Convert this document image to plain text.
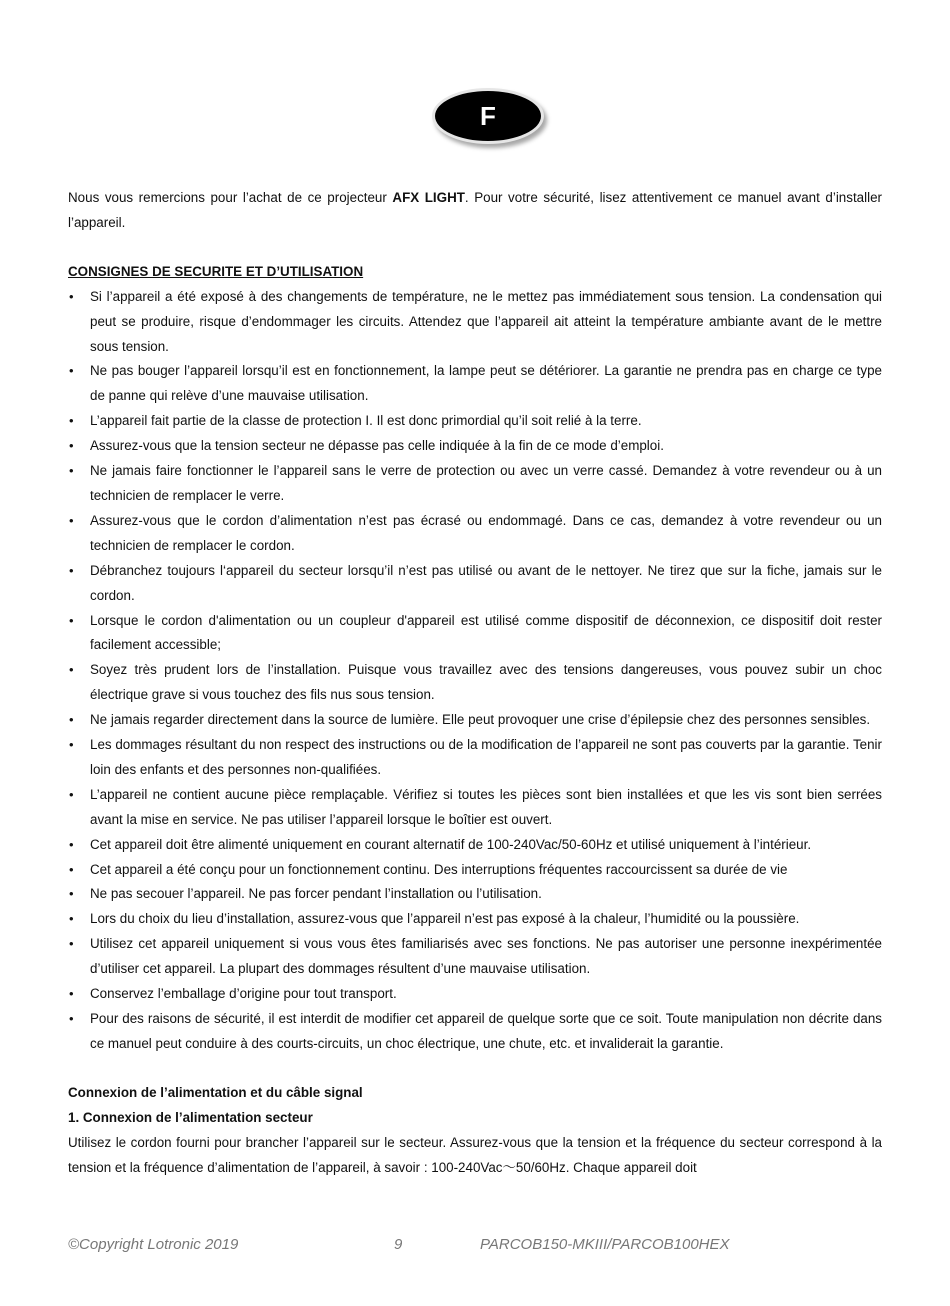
F

Nous vous remercions pour l’achat de ce projecteur AFX LIGHT. Pour votre sécurité, lisez attentivement ce manuel avant d’installer l’appareil.

CONSIGNES DE SECURITE ET D’UTILISATION

• Si l’appareil a été exposé à des changements de température, ne le mettez pas immédiatement sous tension. La condensation qui peut se produire, risque d’endommager les circuits. Attendez que l’appareil ait atteint la température ambiante avant de le mettre sous tension.
• Ne pas bouger l’appareil lorsqu’il est en fonctionnement, la lampe peut se détériorer. La garantie ne prendra pas en charge ce type de panne qui relève d’une mauvaise utilisation.
• L’appareil fait partie de la classe de protection I. Il est donc primordial qu’il soit relié à la terre.
• Assurez-vous que la tension secteur ne dépasse pas celle indiquée à la fin de ce mode d’emploi.
• Ne jamais faire fonctionner le l’appareil sans le verre de protection ou avec un verre cassé. Demandez à votre revendeur ou à un technicien de remplacer le verre.
• Assurez-vous que le cordon d’alimentation n’est pas écrasé ou endommagé. Dans ce cas, demandez à votre revendeur ou un technicien de remplacer le cordon.
• Débranchez toujours l‘appareil du secteur lorsqu’il n’est pas utilisé ou avant de le nettoyer. Ne tirez que sur la fiche, jamais sur le cordon.
• Lorsque le cordon d'alimentation ou un coupleur d'appareil est utilisé comme dispositif de déconnexion, ce dispositif doit rester facilement accessible;
• Soyez très prudent lors de l’installation. Puisque vous travaillez avec des tensions dangereuses, vous pouvez subir un choc électrique grave si vous touchez des fils nus sous tension.
• Ne jamais regarder directement dans la source de lumière. Elle peut provoquer une crise d’épilepsie chez des personnes sensibles.
• Les dommages résultant du non respect des instructions ou de la modification de l’appareil ne sont pas couverts par la garantie. Tenir loin des enfants et des personnes non-qualifiées.
• L’appareil ne contient aucune pièce remplaçable. Vérifiez si toutes les pièces sont bien installées et que les vis sont bien serrées avant la mise en service. Ne pas utiliser l’appareil lorsque le boîtier est ouvert.
• Cet appareil doit être alimenté uniquement en courant alternatif de 100-240Vac/50-60Hz et utilisé uniquement à l’intérieur.
• Cet appareil a été conçu pour un fonctionnement continu. Des interruptions fréquentes raccourcissent sa durée de vie
• Ne pas secouer l’appareil. Ne pas forcer pendant l’installation ou l’utilisation.
• Lors du choix du lieu d’installation, assurez-vous que l’appareil n’est pas exposé à la chaleur, l’humidité ou la poussière.
• Utilisez cet appareil uniquement si vous vous êtes familiarisés avec ses fonctions. Ne pas autoriser une personne inexpérimentée d’utiliser cet appareil. La plupart des dommages résultent d’une mauvaise utilisation.
• Conservez l’emballage d’origine pour tout transport.
• Pour des raisons de sécurité, il est interdit de modifier cet appareil de quelque sorte que ce soit. Toute manipulation non décrite dans ce manuel peut conduire à des courts-circuits, un choc électrique, une chute, etc. et invaliderait la garantie.

Connexion de l’alimentation et du câble signal

1. Connexion de l’alimentation secteur

Utilisez le cordon fourni pour brancher l’appareil sur le secteur. Assurez-vous que la tension et la fréquence du secteur correspond à la tension et la fréquence d’alimentation de l’appareil, à savoir : 100-240Vac〜50/60Hz. Chaque appareil doit

©Copyright Lotronic 2019	9	PARCOB150-MKIII/PARCOB100HEX
